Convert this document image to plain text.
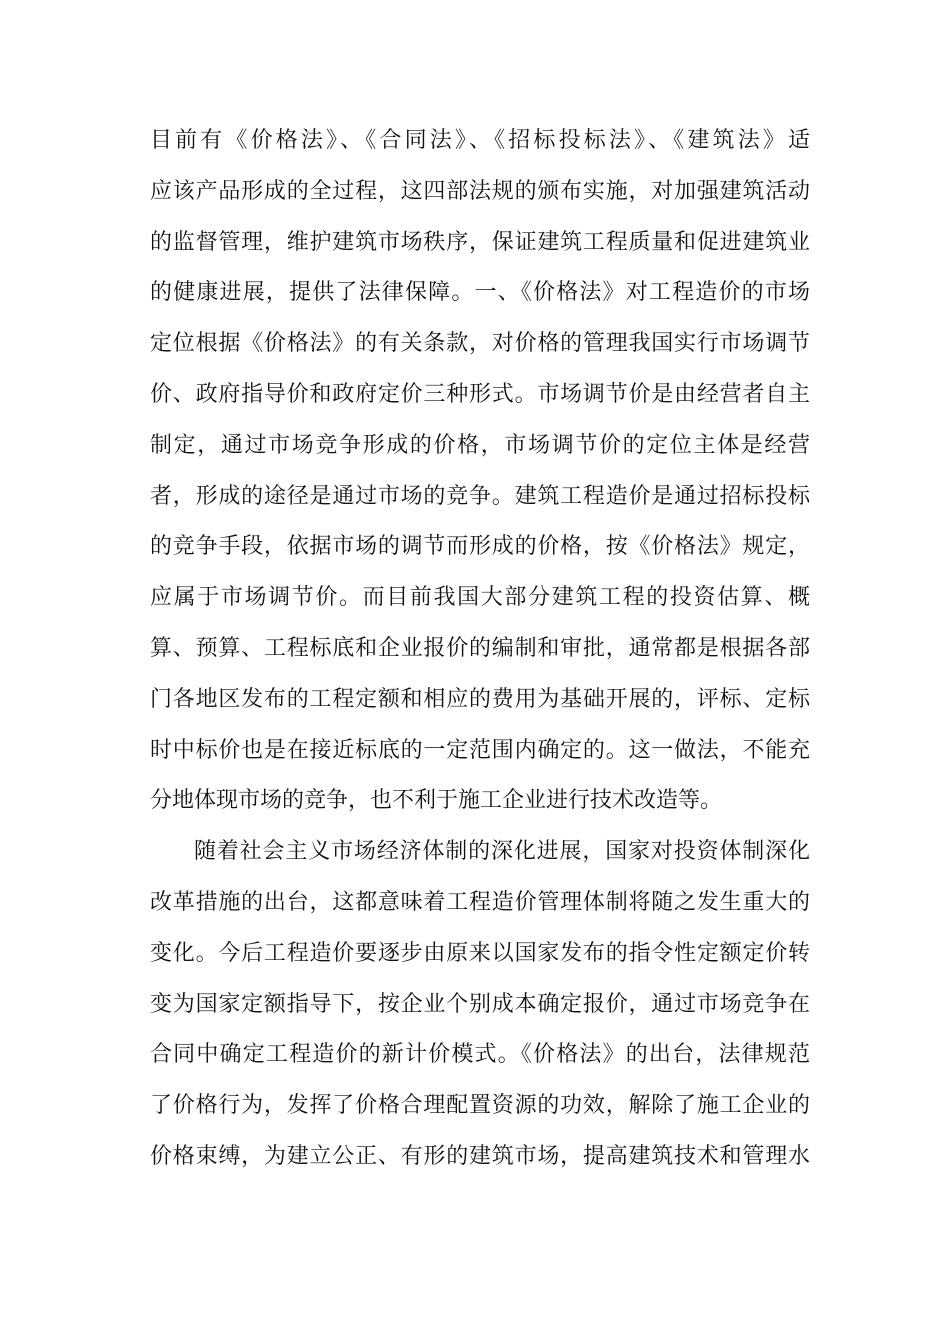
目前有《价格法》、《合同法》、《招标投标法》、《建筑法》适
应该产品形成的全过程，这四部法规的颁布实施，对加强建筑活动
的监督管理，维护建筑市场秩序，保证建筑工程质量和促进建筑业
的健康进展，提供了法律保障。一、《价格法》对工程造价的市场
定位根据《价格法》的有关条款，对价格的管理我国实行市场调节
价、政府指导价和政府定价三种形式。市场调节价是由经营者自主
制定，通过市场竞争形成的价格，市场调节价的定位主体是经营
者，形成的途径是通过市场的竞争。建筑工程造价是通过招标投标
的竞争手段，依据市场的调节而形成的价格，按《价格法》规定，
应属于市场调节价。而目前我国大部分建筑工程的投资估算、概
算、预算、工程标底和企业报价的编制和审批，通常都是根据各部
门各地区发布的工程定额和相应的费用为基础开展的，评标、定标
时中标价也是在接近标底的一定范围内确定的。这一做法，不能充
分地体现市场的竞争，也不利于施工企业进行技术改造等。
随着社会主义市场经济体制的深化进展，国家对投资体制深化
改革措施的出台，这都意味着工程造价管理体制将随之发生重大的
变化。今后工程造价要逐步由原来以国家发布的指令性定额定价转
变为国家定额指导下，按企业个别成本确定报价，通过市场竞争在
合同中确定工程造价的新计价模式。《价格法》的出台，法律规范
了价格行为，发挥了价格合理配置资源的功效，解除了施工企业的
价格束缚，为建立公正、有形的建筑市场，提高建筑技术和管理水
